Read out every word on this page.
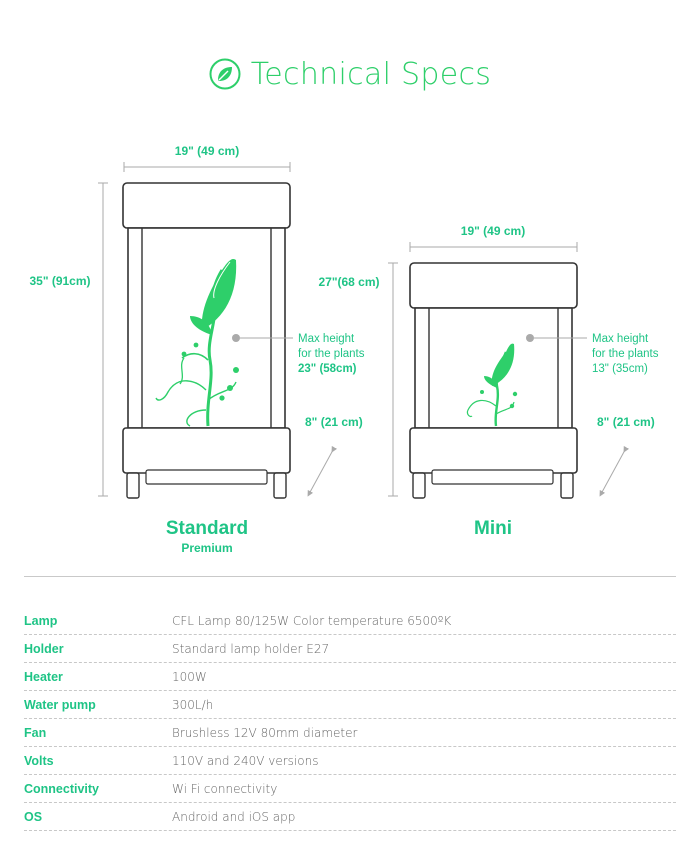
Technical Specs
19" (49 cm)
35" (91cm)
Max height
for the plants
23" (58cm)
8" (21 cm)
19" (49 cm)
27"(68 cm)
Max height
for the plants
13" (35cm)
8" (21 cm)
Standard
Premium
Mini
Lamp	CFL Lamp 80/125W Color temperature 6500ºK
Holder	Standard lamp holder E27
Heater	100W
Water pump	300L/h
Fan	Brushless 12V 80mm diameter
Volts	110V and 240V versions
Connectivity	Wi Fi connectivity
OS	Android and iOS app
